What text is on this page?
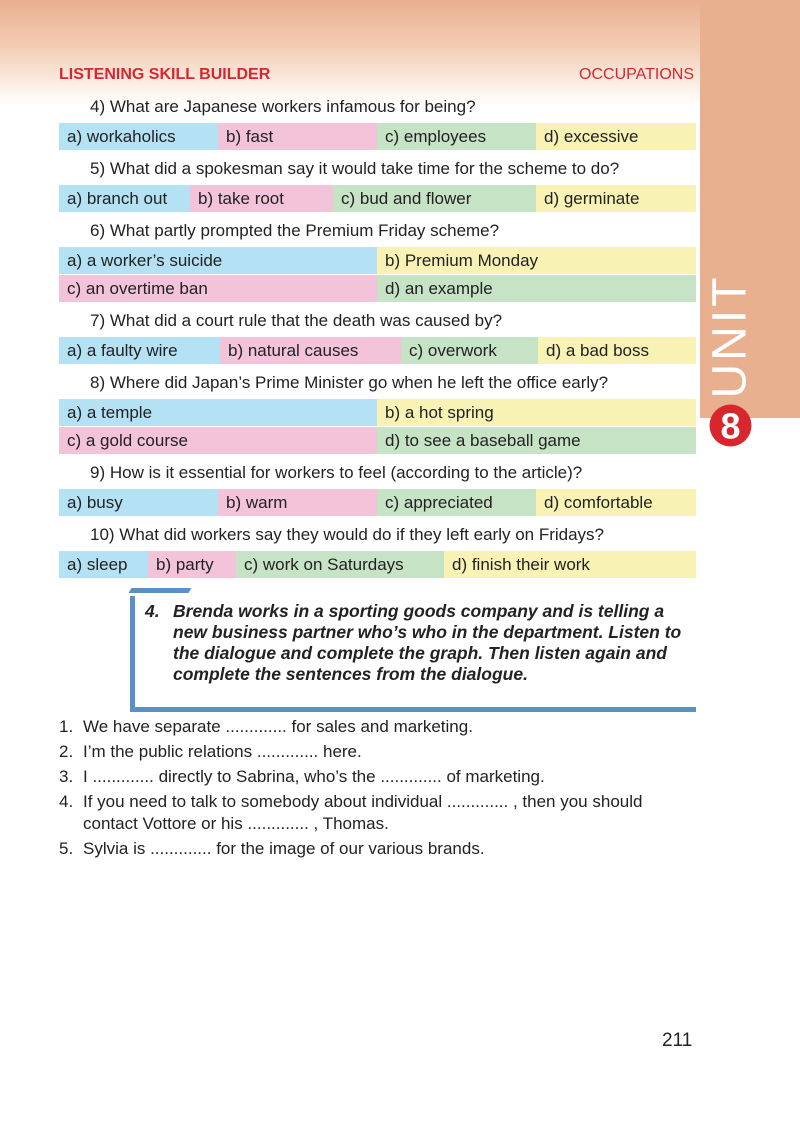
8
UNIT
LISTENING SKILL BUILDER	OCCUPATIONS
4) What are Japanese workers infamous for being?
a) workaholics	b) fast	c) employees	d) excessive
5) What did a spokesman say it would take time for the scheme to do?
a) branch out	b) take root	c) bud and flower	d) germinate
6) What partly prompted the Premium Friday scheme?
a) a worker’s suicide	b) Premium Monday
c) an overtime ban	d) an example
7) What did a court rule that the death was caused by?
a) a faulty wire	b) natural causes	c) overwork	d) a bad boss
8) Where did Japan’s Prime Minister go when he left the office early?
a) a temple	b) a hot spring
c) a gold course	d) to see a baseball game
9) How is it essential for workers to feel (according to the article)?
a) busy	b) warm	c) appreciated	d) comfortable
10) What did workers say they would do if they left early on Fridays?
a) sleep	b) party	c) work on Saturdays	d) finish their work
4. Brenda works in a sporting goods company and is telling a new business partner who’s who in the department. Listen to the dialogue and complete the graph. Then listen again and complete the sentences from the dialogue.
1. We have separate ............. for sales and marketing.
2. I’m the public relations ............. here.
3. I ............. directly to Sabrina, who’s the ............. of marketing.
4. If you need to talk to somebody about individual ............. , then you should contact Vottore or his ............. , Thomas.
5. Sylvia is ............. for the image of our various brands.
211
